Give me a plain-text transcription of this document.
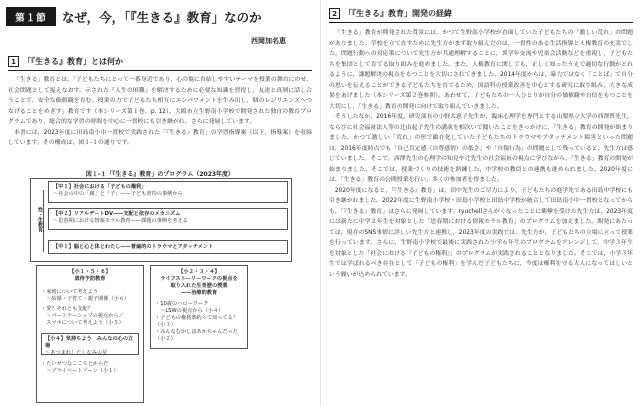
第１節	なぜ，今，「『生きる』教育」なのか
西岡加名恵
1 「『生きる』教育」とは何か

「生きる」教育とは，「子どもたちにとって一番身近であり，心の傷に直結しやすいテーマを授業の舞台にのせ，社会問題として捉えなおす。示された『人生の困難』を解決するために必要な知識を習得し，友達と真剣に話し合うことで，安全な価値観を育む。授業の力で子どもたち相互にエンパワメントを生み出し，個のレジリエンスへつなげることをめざす」教育です（本シリーズ第１巻，p. 12）。大阪市立生野南小学校で開発された独自の教育プログラムであり，総合的な学習の時間を中心に一貫校にも引き継がれ，さらに発展しています。

本書には，2023年度に田島南小中一貫校で実践された「『生きる』教育」の学習指導案（以下，指導案）を収録しています。その構成は，図１-１の通りです。

図１-１「『生きる』教育」のプログラム（2023年度）
性・生教育
【中１】社会における「子どもの権利」
〜社会の中の「親」と「子」——子ども虐待の事例から
【中２】リアルデートDV——支配と依存のメカニズム
〜思春期における情報モラル教育——課題の事例を考える
【中１】脳と心と体とわたし——普遍的のトラウマとアタッチメント
【小１・５・６】
虐待予防教育
・家庭について考えよう
　〜結婚・子育て・親子関係（小６）
・愛？それとも支配？
　〜パートナーシップの視点から／
　スマホについて考えよう（小５）
【小４】気持ちよう　みんなの心の立場
〜あつまれ！たしなみの星
・たいせつなこころとからだ
　〜プライベートゾーン（小１）
【小２・３・４】
ライフストーリーワークの視点を
取り入れた生育歴の授業
——治療的教育
・10歳のハローワーク
　〜LSWの視点から（小４）
・子どもの権利条約って知ってる？（小３）
・みんなむかしはあかちゃんだった（小２）
2 「『生きる』教育」開発の経緯

「生きる」教育が開発された背景には，かつて生野南小学校が直面していた子どもたちの「激しい荒れ」の問題がありました。学校を立て直すために先生方がまず取り組んだのは，一貫性のある生活指導と人権教育の充実でした。問題行動への対応策について先生方が共通理解することに，異学年交流や児童会活動などを重視し，子どもたちを集団として育てる取り組みを進めました。また，人権教育に関しても，正しく知ったうえで適切な行動がとれるように，課題解決の視点をもつことを大切にされてきました。2014年度からは，暴力ではなく「ことば」で自分の思いを伝えることができる子どもたちを育てるため，国語科の授業改善を中心とする研究に取り組み，大きな成果をあげました（本シリーズ第２巻参照）。あわせて，子どもたちの一人ひとりが自分の価値観や自信をもつことを大切にし，「生きる」教育の開発に向けて取り組んでいきました。

そうしたなか，2016年度，研究部長の小野太恵子先生が，臨床心理学を専門とする山梨県立大学の西澤哲先生，ならびに社会福祉法人等の辻由起子先生の講演を相次いで聞いたことをきっかけに，「生きる」教育の開発が始まりました。かつて激しい「荒れ」の形で顕在化していた子どもたちのトラウマやアタッチメント障害といった問題は，2016年度時点でも「自己肯定感（自尊感情）の低さ」や「自傷行為」の問題として残っていると，先生方は感じていました。そこで，西澤先生の心理学の知見や辻先生の社会福祉の視点に学びながら，「生きる」教育の開発が始まりました。そこでは，授業づくりの技術を熟練した，中学校の教員との連携も進められました。2020年度には，「生きる」教育の公開授業を行い，多くの参加者を得ました。

2020年度になると，「『生きる』教育」は，田中先生のご尽力により，子どもたちの進学先である田島中学校にも引き継がれました。2022年度に生野南小学校・田島小学校と田島中学校が統合して田島南小中一貫校となってからも，「『生きる』教育」はさらに発展しています。ryuchellさんがくなったことに衝撃を受けた先生方は，2023年度には新たに中学２年生を対象とした「思春期における情報モラル教育」のプログラムを加えました。開発にあたっては，現在のSNS事情に詳しい先生方と連携し，2023年度の実践では，先生方が，子どもたちの立場に立って授業を行っています。さらに，生野南小学校で最後に実践された小学６年生のプログラムをアレンジして，中学３年生を対象とした「社会における『子どもの権利』」のプログラムが実践されることとなりました。そこでは，小学３年生では学ばれるべき存在として「子どもの権利」を学んだ子どもたちに，今度は権利を守る大人になってほしいという願いが込められています。
